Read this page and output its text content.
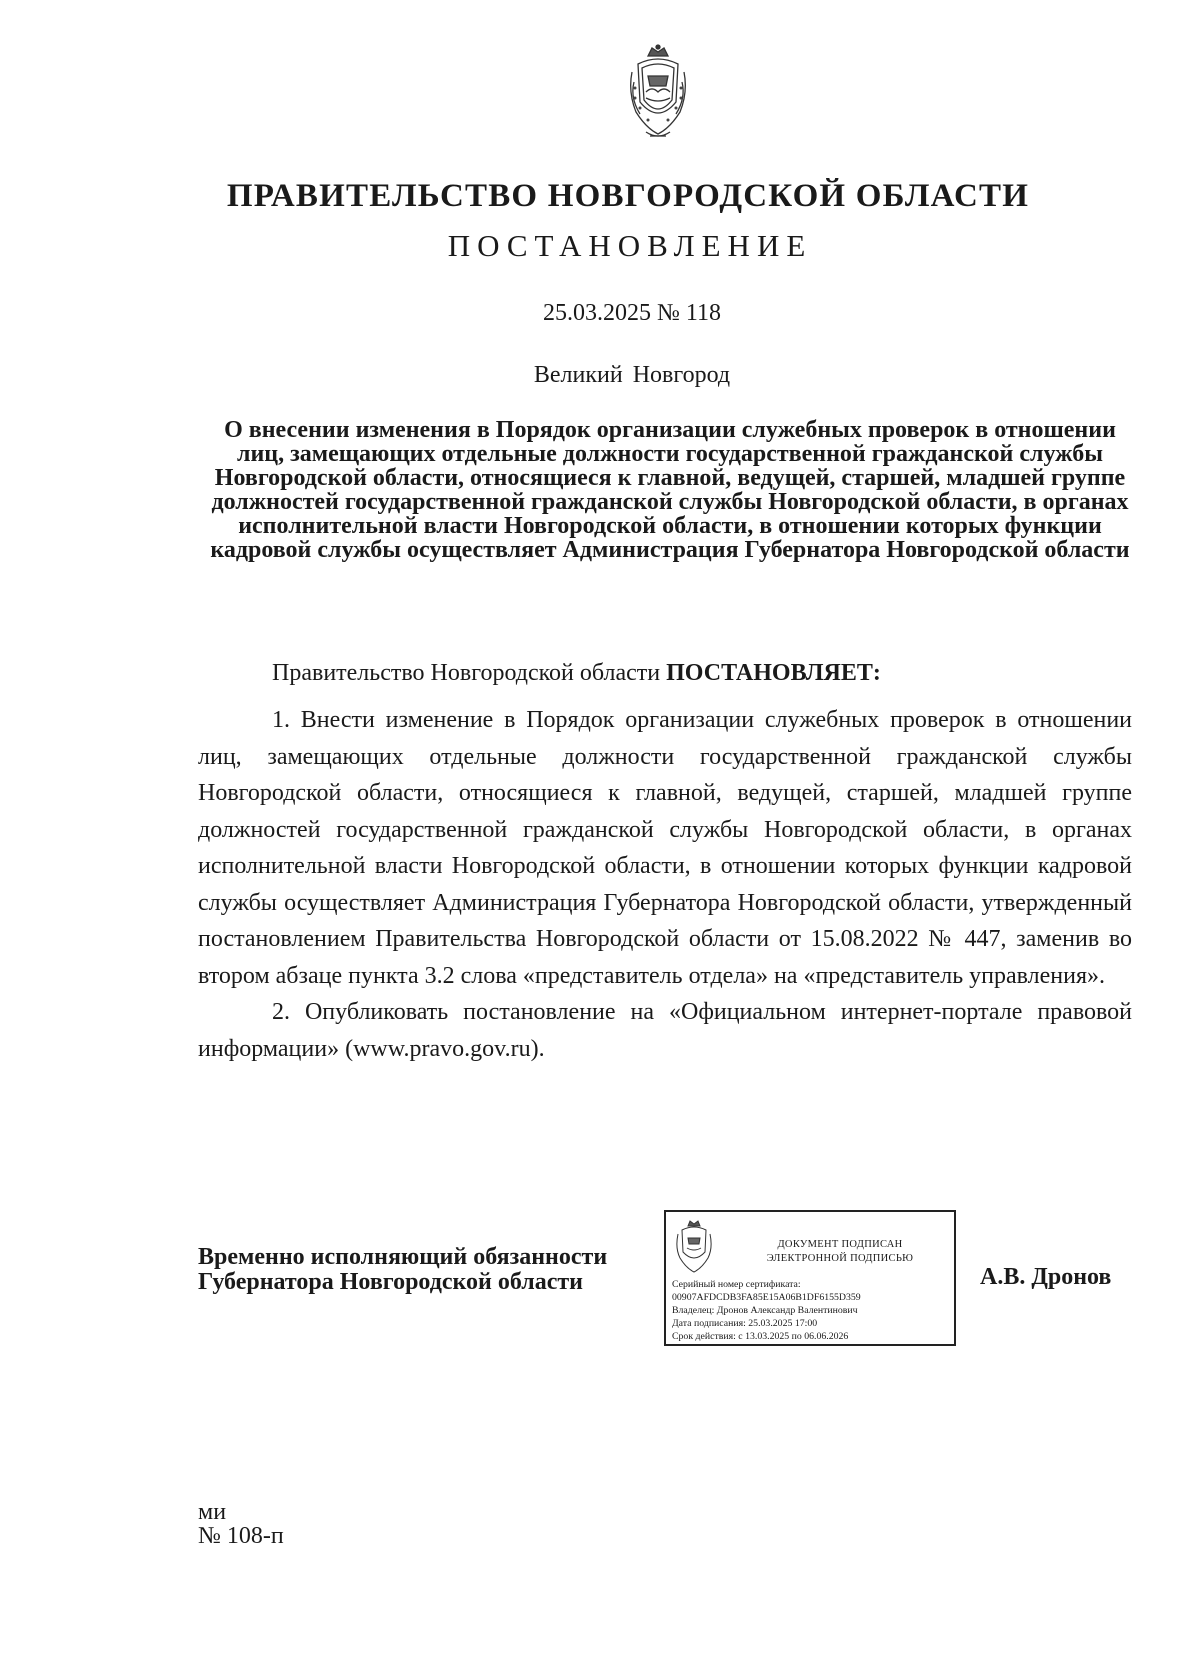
ПРАВИТЕЛЬСТВО НОВГОРОДСКОЙ ОБЛАСТИ
ПОСТАНОВЛЕНИЕ
25.03.2025 № 118
Великий Новгород
О внесении изменения в Порядок организации служебных проверок в отношении лиц, замещающих отдельные должности государственной гражданской службы Новгородской области, относящиеся к главной, ведущей, старшей, младшей группе должностей государственной гражданской службы Новгородской области, в органах исполнительной власти Новгородской области, в отношении которых функции кадровой службы осуществляет Администрация Губернатора Новгородской области
Правительство Новгородской области ПОСТАНОВЛЯЕТ:

1. Внести изменение в Порядок организации служебных проверок в отношении лиц, замещающих отдельные должности государственной гражданской службы Новгородской области, относящиеся к главной, ведущей, старшей, младшей группе должностей государственной гражданской службы Новгородской области, в органах исполнительной власти Новгородской области, в отношении которых функции кадровой службы осуществляет Администрация Губернатора Новгородской области, утвержденный постановлением Правительства Новгородской области от 15.08.2022 № 447, заменив во втором абзаце пункта 3.2 слова «представитель отдела» на «представитель управления».

2. Опубликовать постановление на «Официальном интернет-портале правовой информации» (www.pravo.gov.ru).

Временно исполняющий обязанности
Губернатора Новгородской области
ДОКУМЕНТ ПОДПИСАН
ЭЛЕКТРОННОЙ ПОДПИСЬЮ
Серийный номер сертификата:
00907AFDCDB3FA85E15A06B1DF6155D359
Владелец: Дронов Александр Валентинович
Дата подписания: 25.03.2025 17:00
Срок действия: с 13.03.2025 по 06.06.2026
А.В. Дронов
ми
№ 108-п
